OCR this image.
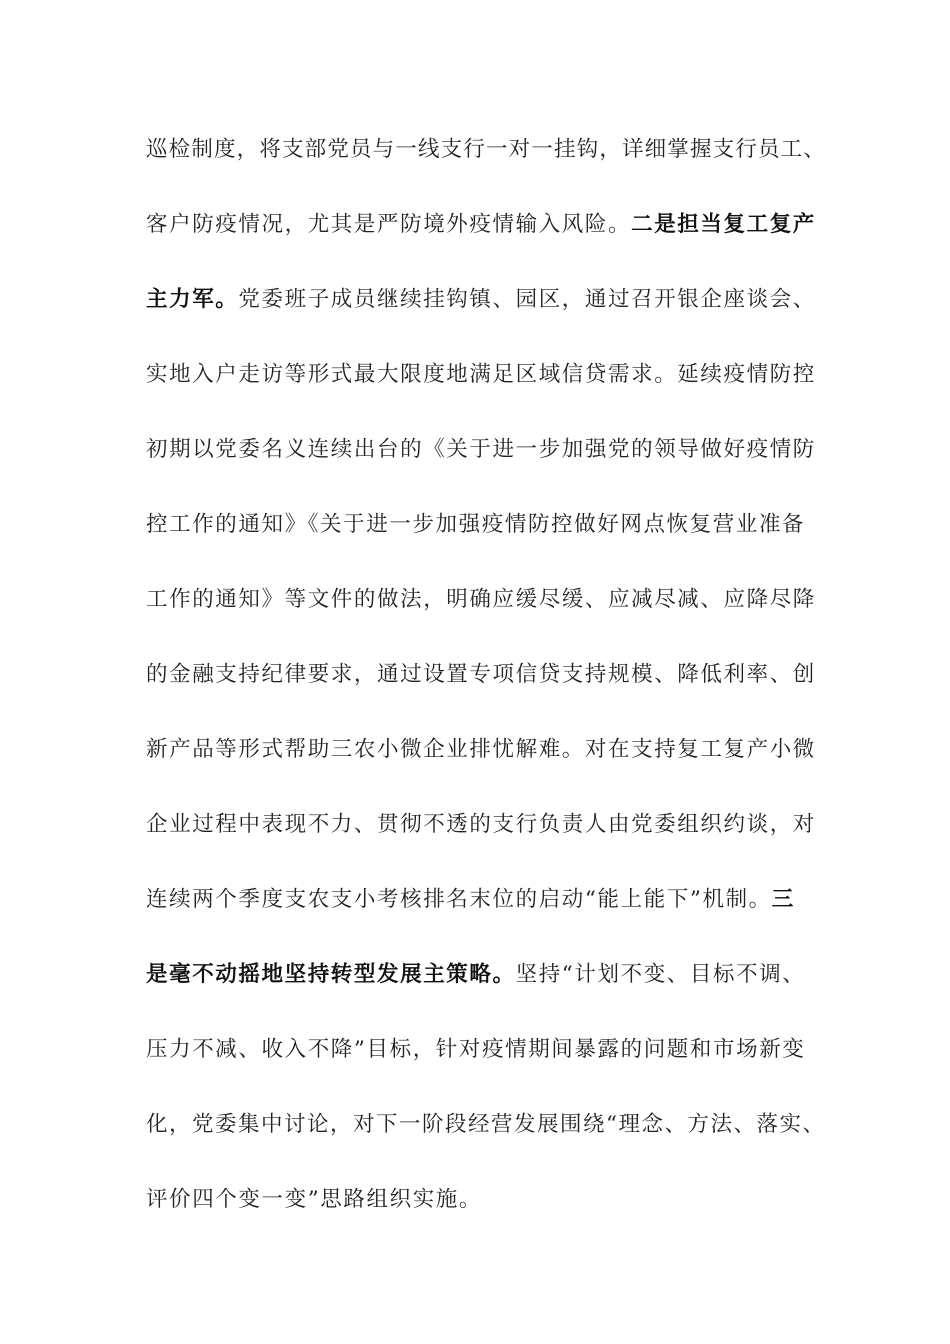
巡检制度，将支部党员与一线支行一对一挂钩，详细掌握支行员工、
客户防疫情况，尤其是严防境外疫情输入风险。二是担当复工复产
主力军。党委班子成员继续挂钩镇、园区，通过召开银企座谈会、
实地入户走访等形式最大限度地满足区域信贷需求。延续疫情防控
初期以党委名义连续出台的《关于进一步加强党的领导做好疫情防
控工作的通知》《关于进一步加强疫情防控做好网点恢复营业准备
工作的通知》等文件的做法，明确应缓尽缓、应减尽减、应降尽降
的金融支持纪律要求，通过设置专项信贷支持规模、降低利率、创
新产品等形式帮助三农小微企业排忧解难。对在支持复工复产小微
企业过程中表现不力、贯彻不透的支行负责人由党委组织约谈，对
连续两个季度支农支小考核排名末位的启动“能上能下”机制。三
是毫不动摇地坚持转型发展主策略。坚持“计划不变、目标不调、
压力不减、收入不降”目标，针对疫情期间暴露的问题和市场新变
化，党委集中讨论，对下一阶段经营发展围绕“理念、方法、落实、
评价四个变一变”思路组织实施。
